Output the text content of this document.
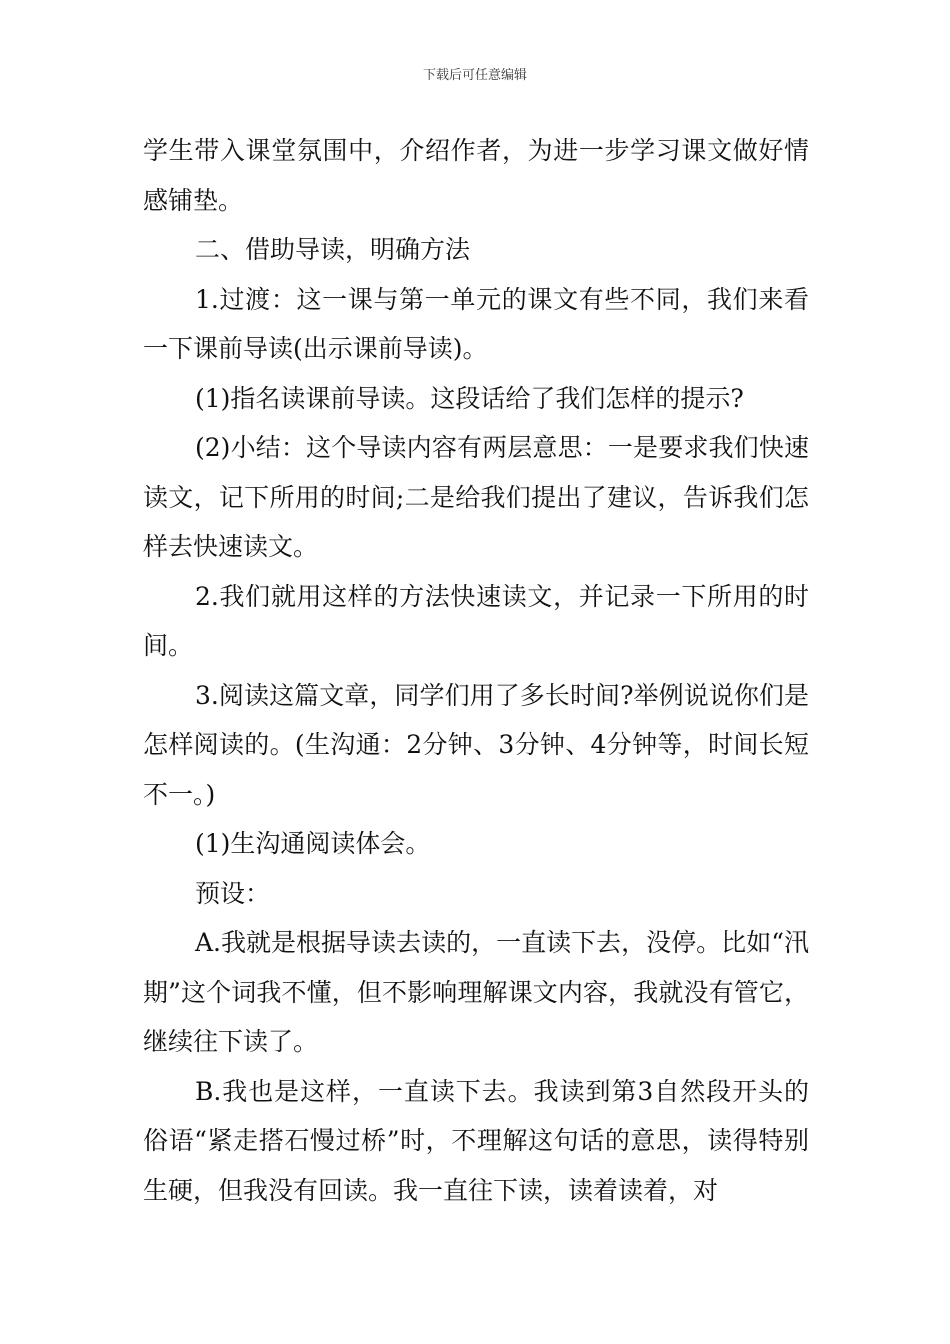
下载后可任意编辑

学生带入课堂氛围中，介绍作者，为进一步学习课文做好情感铺垫。

二、借助导读，明确方法

1.过渡：这一课与第一单元的课文有些不同，我们来看一下课前导读(出示课前导读)。

(1)指名读课前导读。这段话给了我们怎样的提示?

(2)小结：这个导读内容有两层意思：一是要求我们快速读文，记下所用的时间;二是给我们提出了建议，告诉我们怎样去快速读文。

2.我们就用这样的方法快速读文，并记录一下所用的时间。

3.阅读这篇文章，同学们用了多长时间?举例说说你们是怎样阅读的。(生沟通：2分钟、3分钟、4分钟等，时间长短不一。)

(1)生沟通阅读体会。

预设：

A.我就是根据导读去读的，一直读下去，没停。比如“汛期”这个词我不懂，但不影响理解课文内容，我就没有管它，继续往下读了。

B.我也是这样，一直读下去。我读到第3自然段开头的俗语“紧走搭石慢过桥”时，不理解这句话的意思，读得特别生硬，但我没有回读。我一直往下读，读着读着，对
